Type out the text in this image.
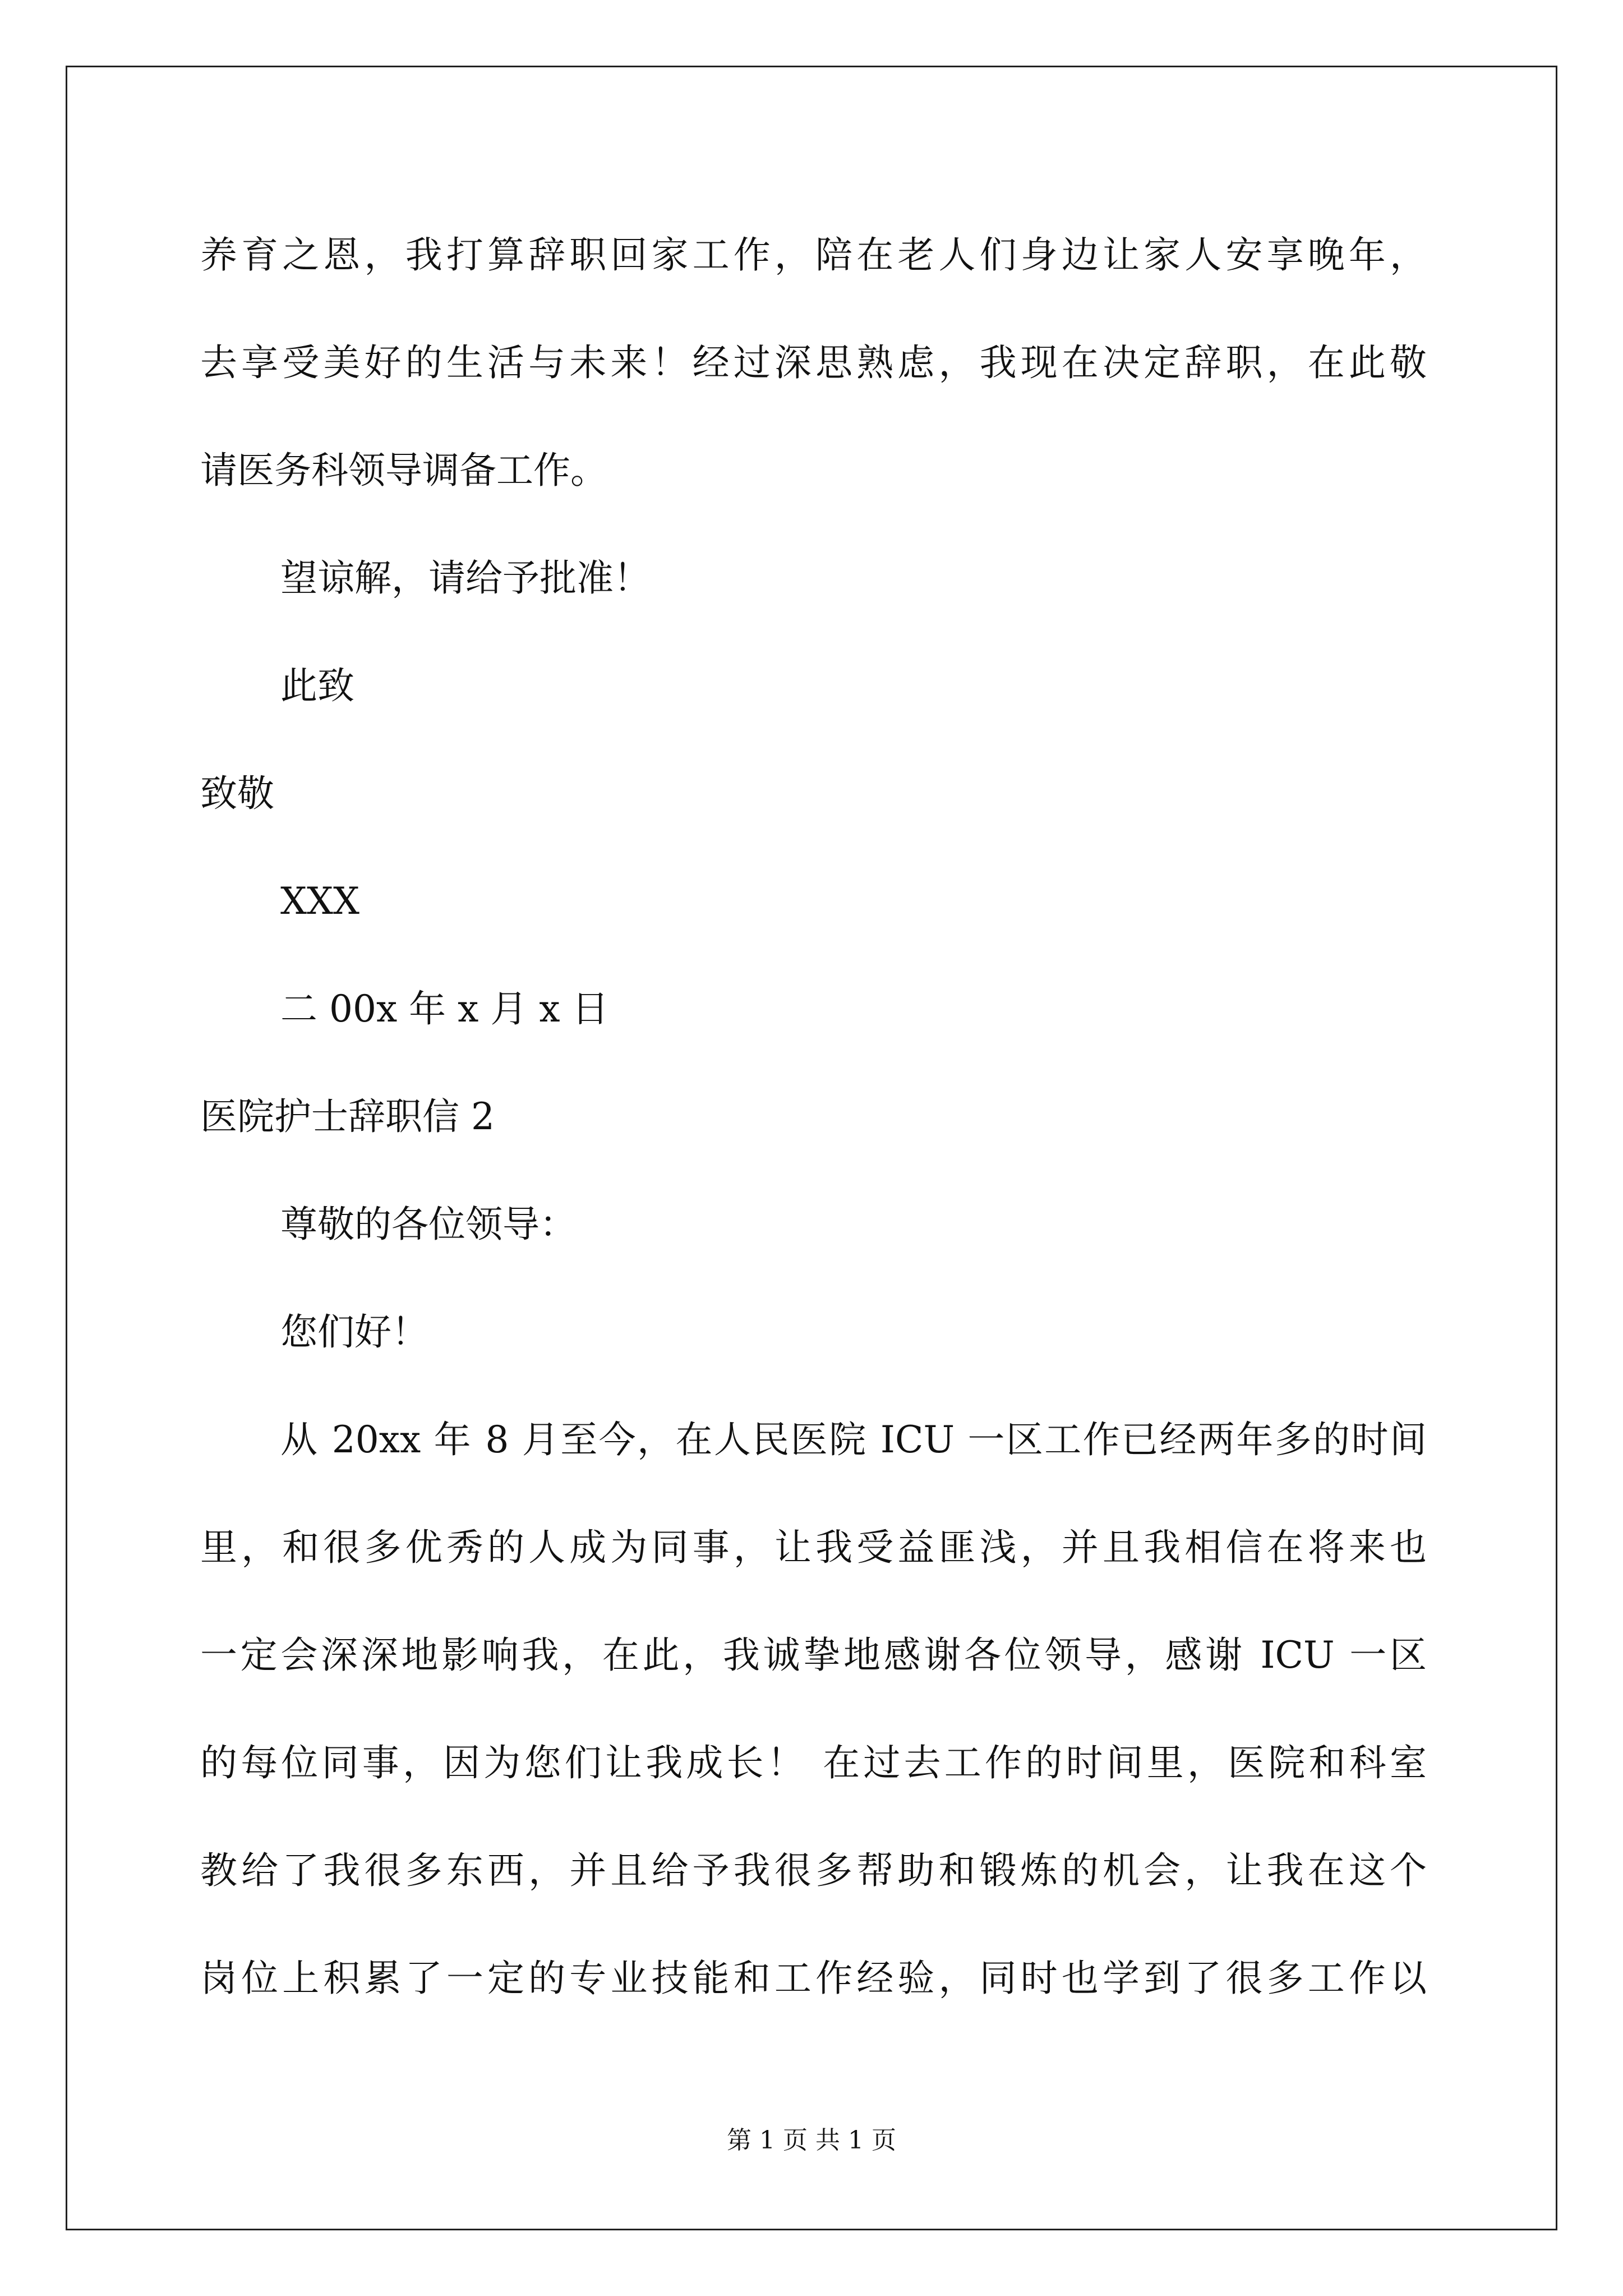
养育之恩，我打算辞职回家工作，陪在老人们身边让家人安享晚年，
去享受美好的生活与未来！经过深思熟虑，我现在决定辞职，在此敬
请医务科领导调备工作。
望谅解，请给予批准！
此致
致敬
XXX
二 00x 年 x 月 x 日
医院护士辞职信 2
尊敬的各位领导：
您们好！
从 20xx 年 8 月至今，在人民医院 ICU 一区工作已经两年多的时间
里，和很多优秀的人成为同事，让我受益匪浅，并且我相信在将来也
一定会深深地影响我，在此，我诚挚地感谢各位领导，感谢 ICU 一区
的每位同事，因为您们让我成长！ 在过去工作的时间里，医院和科室
教给了我很多东西，并且给予我很多帮助和锻炼的机会，让我在这个
岗位上积累了一定的专业技能和工作经验，同时也学到了很多工作以
第 1 页 共 1 页
